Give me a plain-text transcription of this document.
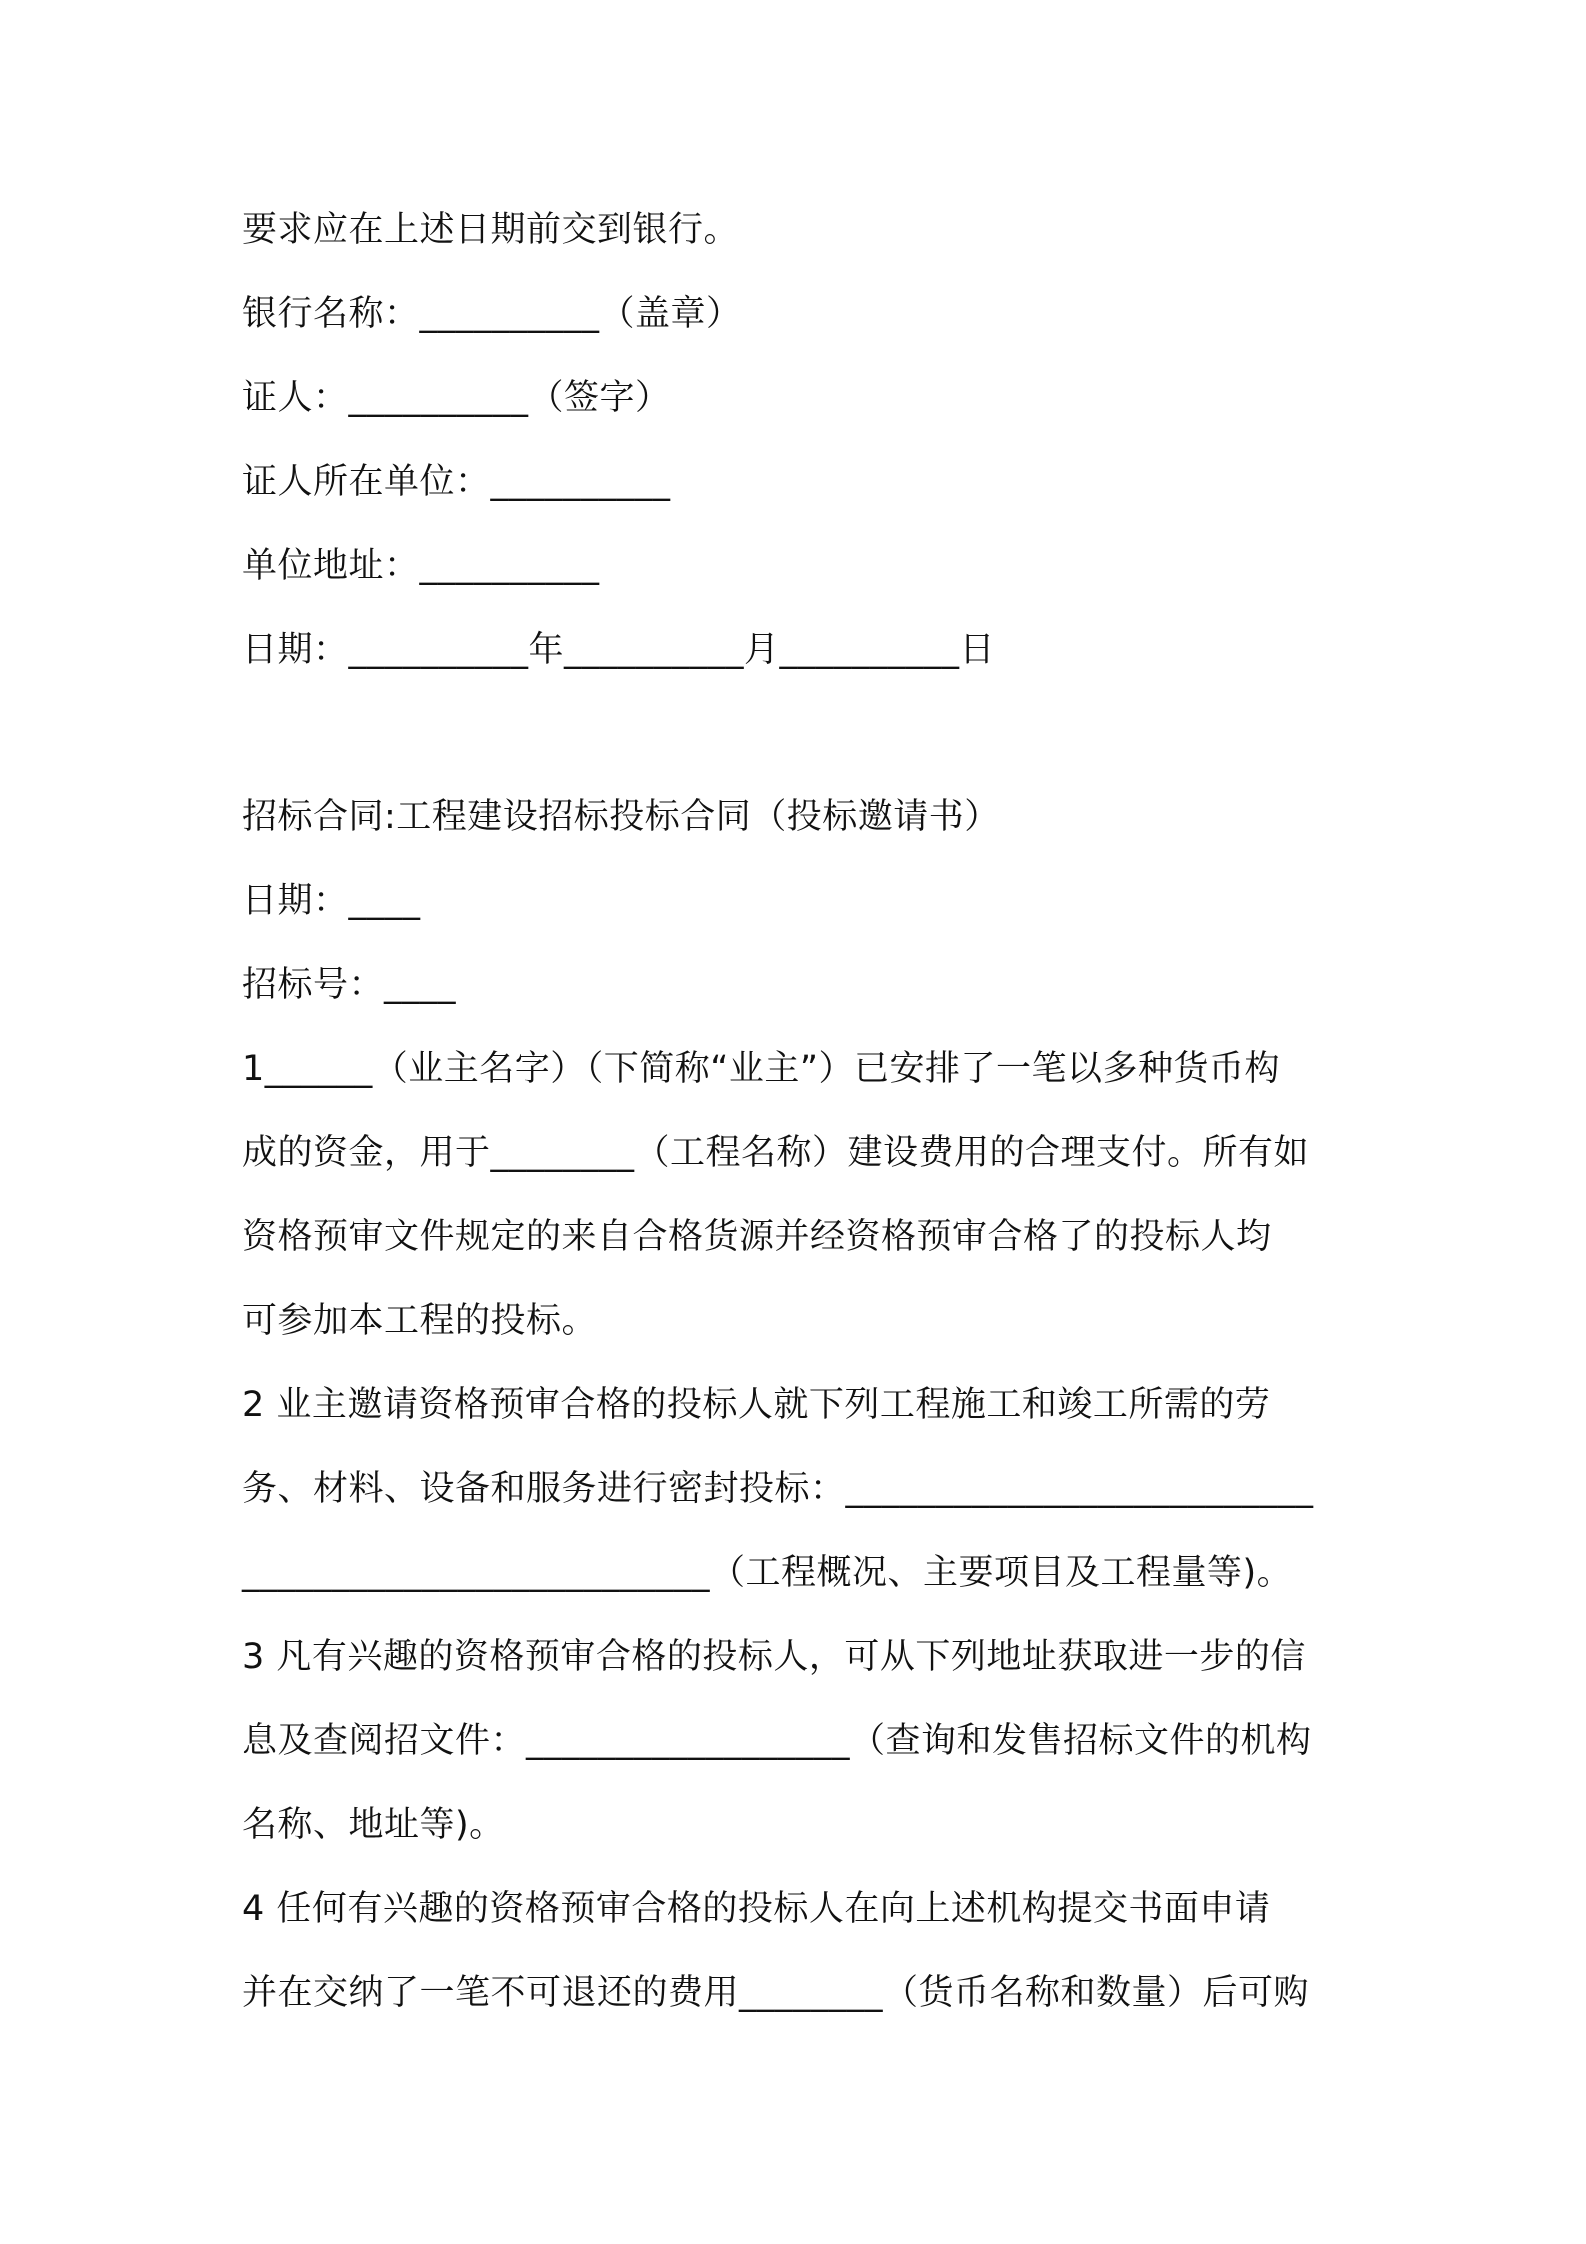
要求应在上述日期前交到银行。
银行名称：__________（盖章）
证人：__________（签字）
证人所在单位：__________
单位地址：__________
日期：__________年__________月__________日
招标合同:工程建设招标投标合同（投标邀请书）
日期：____
招标号：____
1______（业主名字）（下简称“业主”）已安排了一笔以多种货币构
成的资金，用于________（工程名称）建设费用的合理支付。所有如
资格预审文件规定的来自合格货源并经资格预审合格了的投标人均
可参加本工程的投标。
2 业主邀请资格预审合格的投标人就下列工程施工和竣工所需的劳
务、材料、设备和服务进行密封投标：__________________________
__________________________（工程概况、主要项目及工程量等)。
3 凡有兴趣的资格预审合格的投标人，可从下列地址获取进一步的信
息及查阅招文件：__________________（查询和发售招标文件的机构
名称、地址等)。
4 任何有兴趣的资格预审合格的投标人在向上述机构提交书面申请
并在交纳了一笔不可退还的费用________（货币名称和数量）后可购
